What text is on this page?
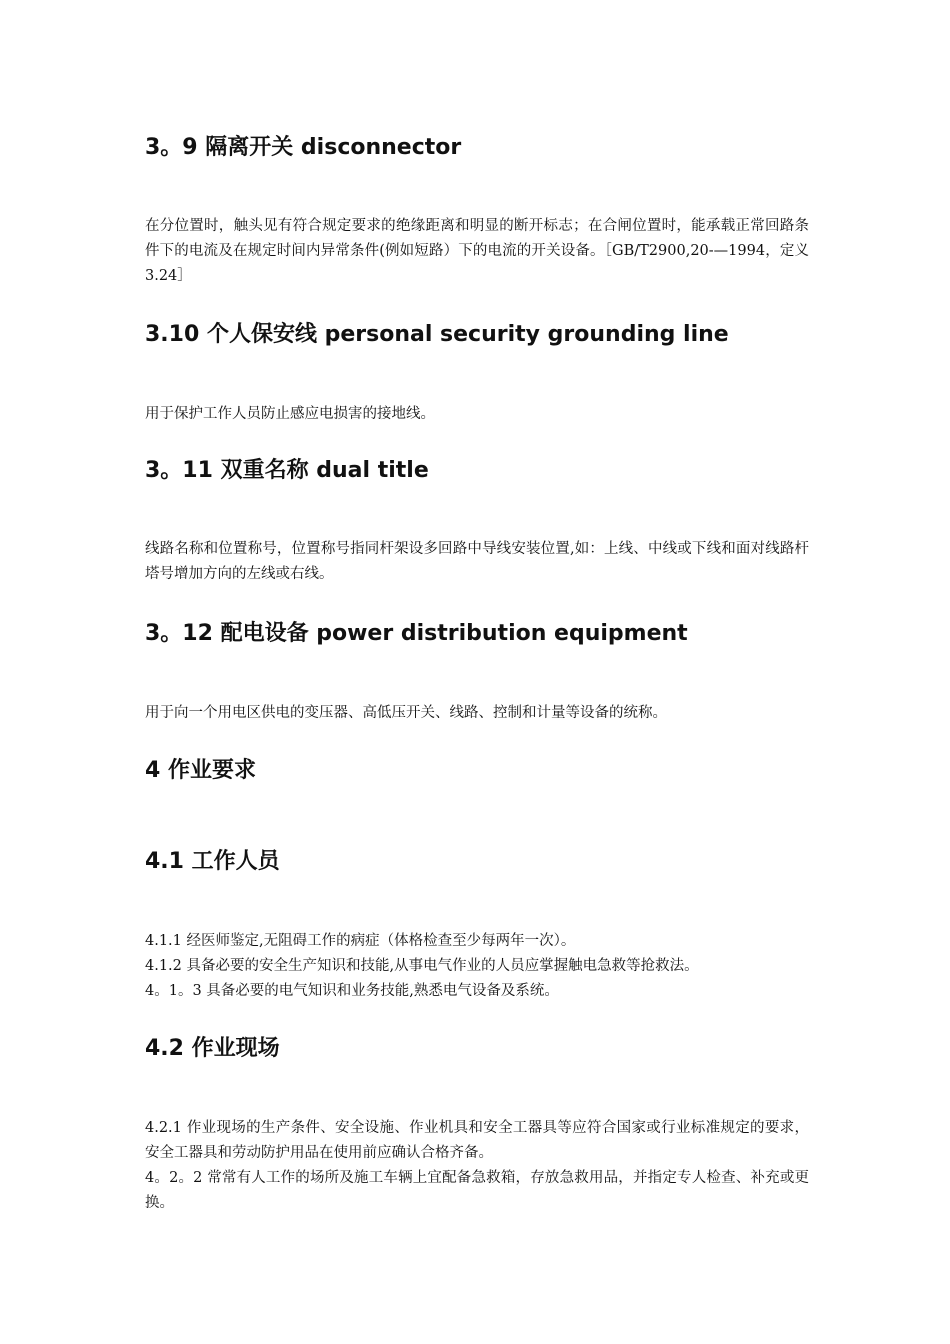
3。9 隔离开关 disconnector

在分位置时，触头见有符合规定要求的绝缘距离和明显的断开标志；在合闸位置时，能承载正常回路条件下的电流及在规定时间内异常条件(例如短路）下的电流的开关设备。［GB/T2900,20-—1994，定义 3.24］

3.10 个人保安线 personal security grounding line

用于保护工作人员防止感应电损害的接地线。

3。11 双重名称 dual title

线路名称和位置称号，位置称号指同杆架设多回路中导线安装位置,如：上线、中线或下线和面对线路杆塔号增加方向的左线或右线。

3。12 配电设备 power distribution equipment

用于向一个用电区供电的变压器、高低压开关、线路、控制和计量等设备的统称。

4 作业要求
4.1 工作人员
4.1.1 经医师鉴定,无阻碍工作的病症（体格检查至少每两年一次）。
4.1.2 具备必要的安全生产知识和技能,从事电气作业的人员应掌握触电急救等抢救法。
4。1。3 具备必要的电气知识和业务技能,熟悉电气设备及系统。
4.2 作业现场
4.2.1 作业现场的生产条件、安全设施、作业机具和安全工器具等应符合国家或行业标准规定的要求，安全工器具和劳动防护用品在使用前应确认合格齐备。
4。2。2 常常有人工作的场所及施工车辆上宜配备急救箱，存放急救用品，并指定专人检查、补充或更换。
